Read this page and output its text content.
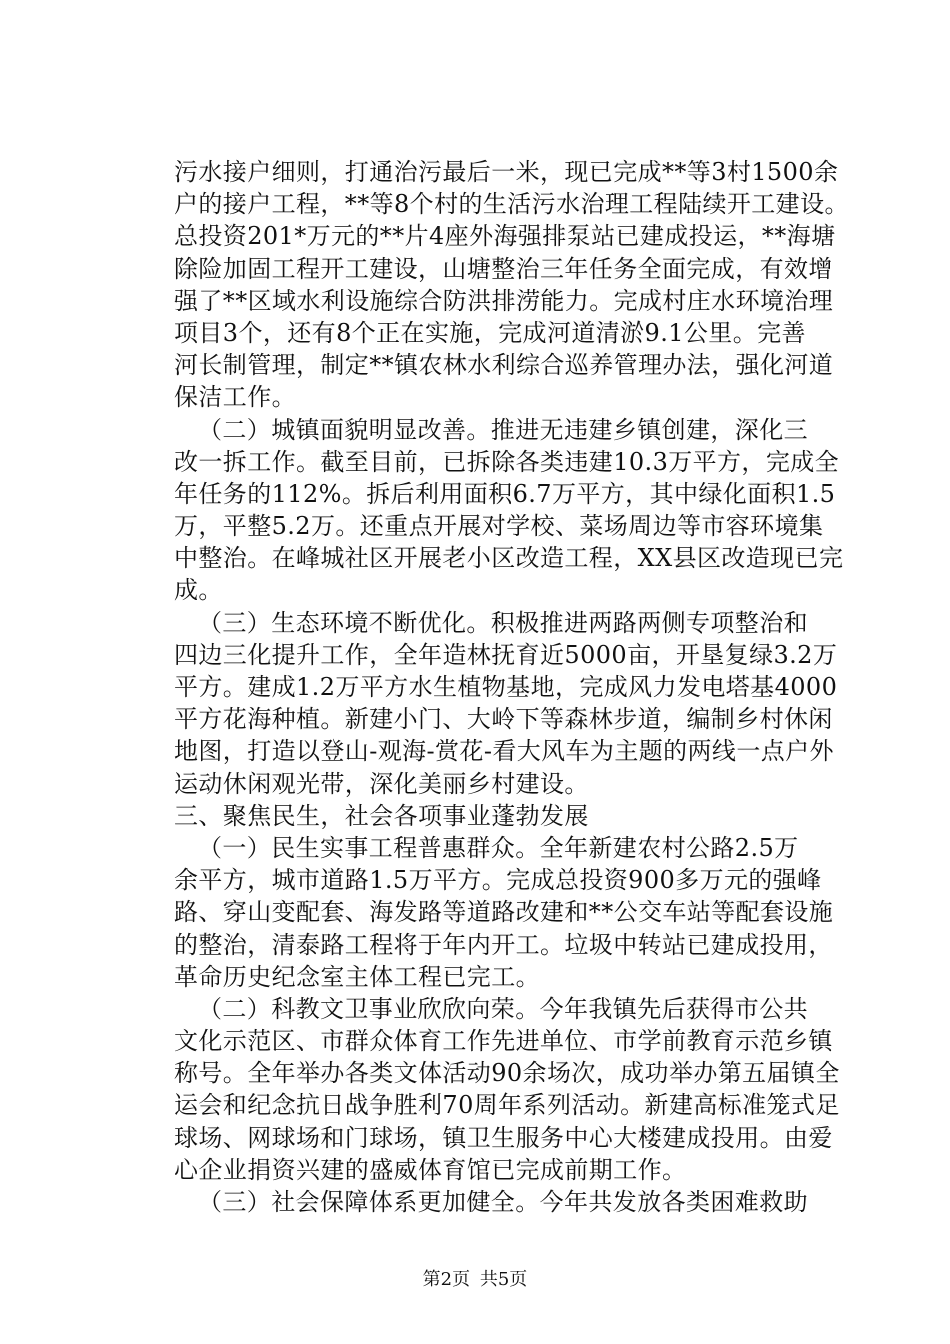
污水接户细则，打通治污最后一米，现已完成**等3村1500余
户的接户工程，**等8个村的生活污水治理工程陆续开工建设。
总投资201*万元的**片4座外海强排泵站已建成投运，**海塘
除险加固工程开工建设，山塘整治三年任务全面完成，有效增
强了**区域水利设施综合防洪排涝能力。完成村庄水环境治理
项目3个，还有8个正在实施，完成河道清淤9.1公里。完善
河长制管理，制定**镇农林水利综合巡养管理办法，强化河道
保洁工作。
（二）城镇面貌明显改善。推进无违建乡镇创建，深化三
改一拆工作。截至目前，已拆除各类违建10.3万平方，完成全
年任务的112%。拆后利用面积6.7万平方，其中绿化面积1.5
万，平整5.2万。还重点开展对学校、菜场周边等市容环境集
中整治。在峰城社区开展老小区改造工程，XX县区改造现已完
成。
（三）生态环境不断优化。积极推进两路两侧专项整治和
四边三化提升工作，全年造林抚育近5000亩，开垦复绿3.2万
平方。建成1.2万平方水生植物基地，完成风力发电塔基4000
平方花海种植。新建小门、大岭下等森林步道，编制乡村休闲
地图，打造以登山-观海-赏花-看大风车为主题的两线一点户外
运动休闲观光带，深化美丽乡村建设。
三、聚焦民生，社会各项事业蓬勃发展
（一）民生实事工程普惠群众。全年新建农村公路2.5万
余平方，城市道路1.5万平方。完成总投资900多万元的强峰
路、穿山变配套、海发路等道路改建和**公交车站等配套设施
的整治，清泰路工程将于年内开工。垃圾中转站已建成投用，
革命历史纪念室主体工程已完工。
（二）科教文卫事业欣欣向荣。今年我镇先后获得市公共
文化示范区、市群众体育工作先进单位、市学前教育示范乡镇
称号。全年举办各类文体活动90余场次，成功举办第五届镇全
运会和纪念抗日战争胜利70周年系列活动。新建高标准笼式足
球场、网球场和门球场，镇卫生服务中心大楼建成投用。由爱
心企业捐资兴建的盛威体育馆已完成前期工作。
（三）社会保障体系更加健全。今年共发放各类困难救助
第2页 共5页
